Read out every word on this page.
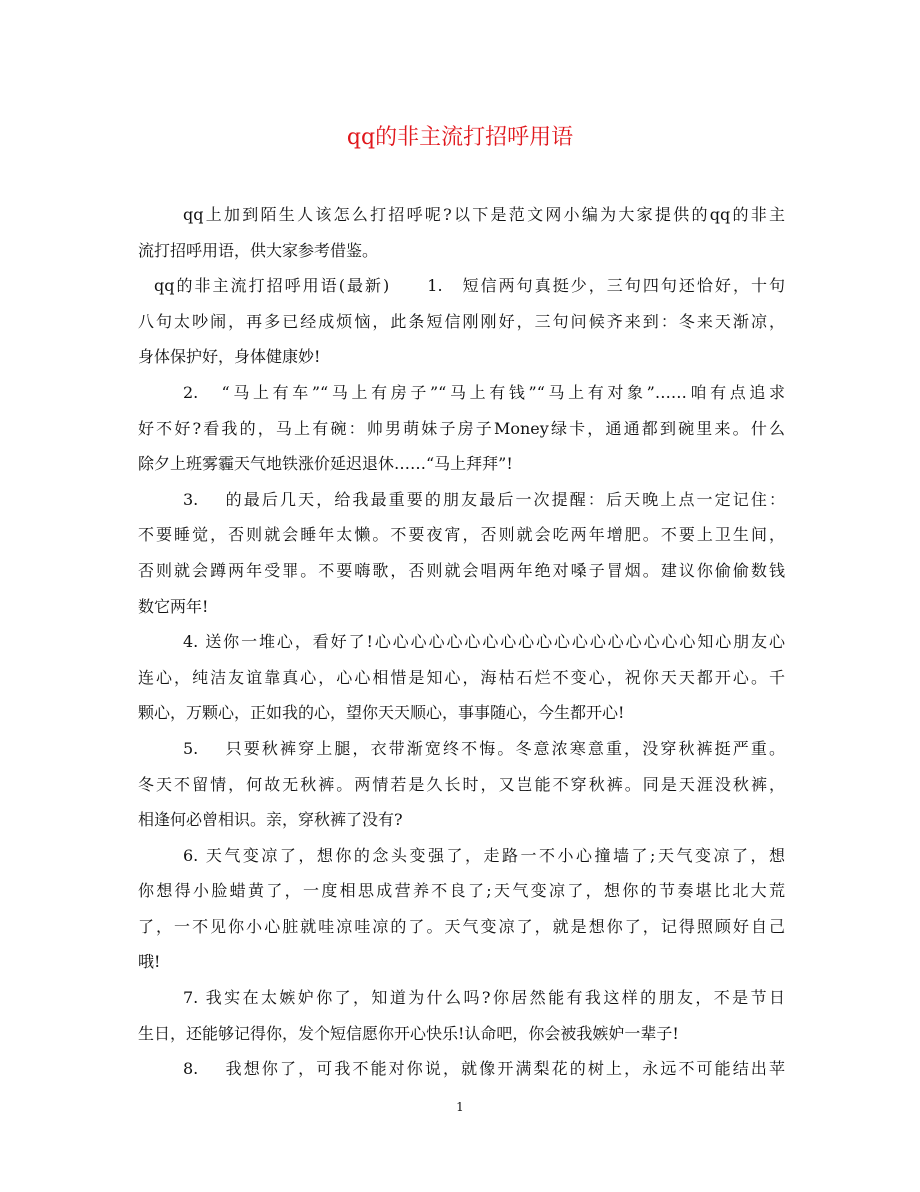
qq的非主流打招呼用语
qq上加到陌生人该怎么打招呼呢?以下是范文网小编为大家提供的qq的非主
流打招呼用语，供大家参考借鉴。
qq的非主流打招呼用语(最新)　　1.　短信两句真挺少，三句四句还恰好，十句
八句太吵闹，再多已经成烦恼，此条短信刚刚好，三句问候齐来到：冬来天渐凉，
身体保护好，身体健康妙!
2.　“马上有车”“马上有房子”“马上有钱”“马上有对象”……咱有点追求
好不好?看我的，马上有碗：帅男萌妹子房子Money绿卡，通通都到碗里来。什么
除夕上班雾霾天气地铁涨价延迟退休……“马上拜拜”!
3.　 的最后几天，给我最重要的朋友最后一次提醒：后天晚上点一定记住：
不要睡觉，否则就会睡年太懒。不要夜宵，否则就会吃两年增肥。不要上卫生间，
否则就会蹲两年受罪。不要嗨歌，否则就会唱两年绝对嗓子冒烟。建议你偷偷数钱
数它两年!
4. 送你一堆心，看好了!心心心心心心心心心心心心心心心心心心知心朋友心
连心，纯洁友谊靠真心，心心相惜是知心，海枯石烂不变心，祝你天天都开心。千
颗心，万颗心，正如我的心，望你天天顺心，事事随心，今生都开心!
5.　 只要秋裤穿上腿，衣带渐宽终不悔。冬意浓寒意重，没穿秋裤挺严重。
冬天不留情，何故无秋裤。两情若是久长时，又岂能不穿秋裤。同是天涯没秋裤，
相逢何必曾相识。亲，穿秋裤了没有?
6. 天气变凉了，想你的念头变强了，走路一不小心撞墙了;天气变凉了，想
你想得小脸蜡黄了，一度相思成营养不良了;天气变凉了，想你的节奏堪比北大荒
了，一不见你小心脏就哇凉哇凉的了。天气变凉了，就是想你了，记得照顾好自己
哦!
7. 我实在太嫉妒你了，知道为什么吗?你居然能有我这样的朋友，不是节日
生日，还能够记得你，发个短信愿你开心快乐!认命吧，你会被我嫉妒一辈子!
8.　 我想你了，可我不能对你说，就像开满梨花的树上，永远不可能结出苹
1
